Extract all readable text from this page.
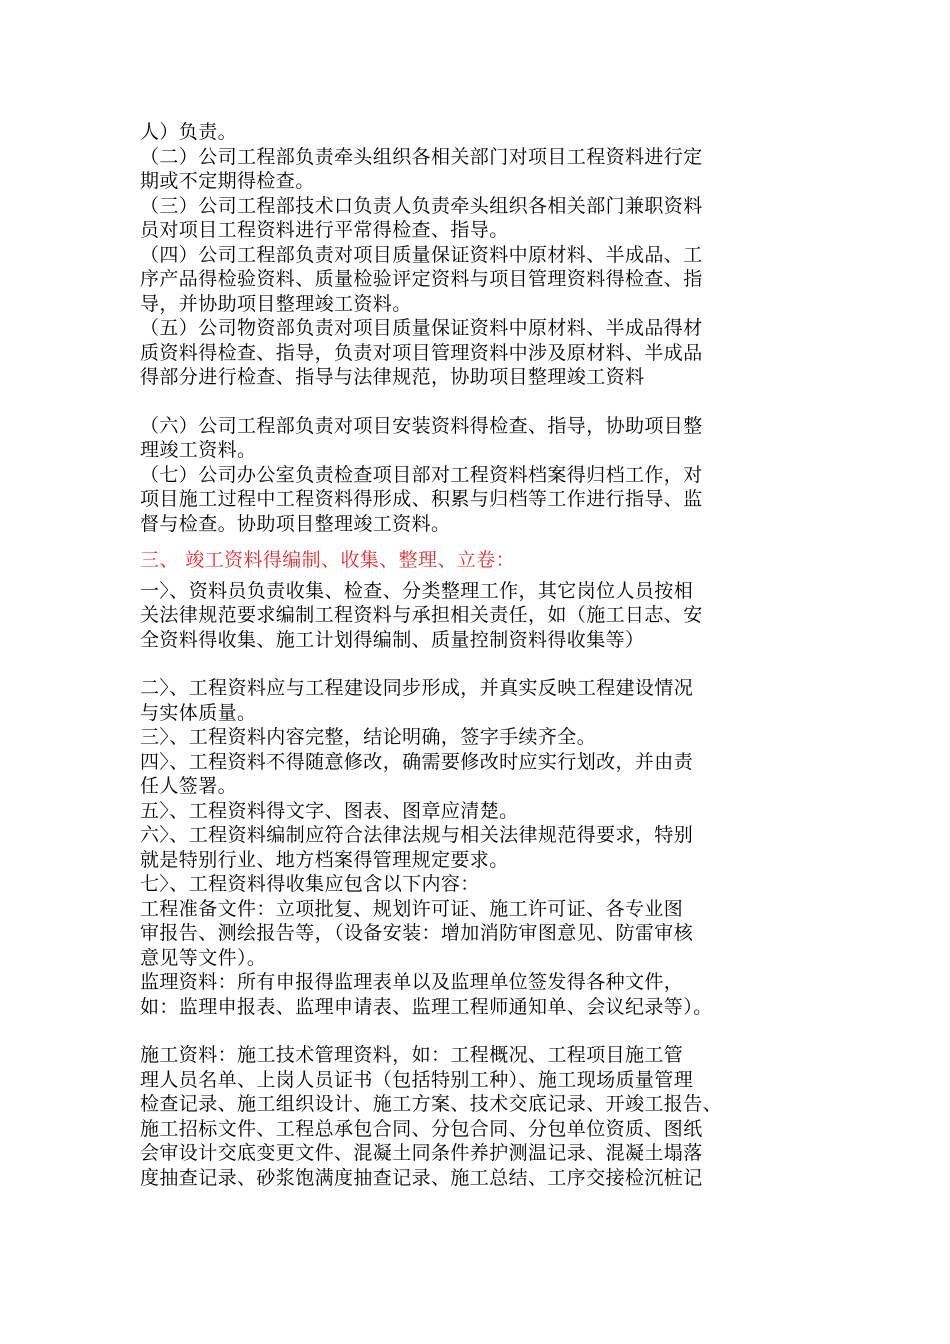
人）负责。
（二）公司工程部负责牵头组织各相关部门对项目工程资料进行定
期或不定期得检查。
（三）公司工程部技术口负责人负责牵头组织各相关部门兼职资料
员对项目工程资料进行平常得检查、指导。
（四）公司工程部负责对项目质量保证资料中原材料、半成品、工
序产品得检验资料、质量检验评定资料与项目管理资料得检查、指
导，并协助项目整理竣工资料。
（五）公司物资部负责对项目质量保证资料中原材料、半成品得材
质资料得检查、指导，负责对项目管理资料中涉及原材料、半成品
得部分进行检查、指导与法律规范，协助项目整理竣工资料
（六）公司工程部负责对项目安装资料得检查、指导，协助项目整
理竣工资料。
（七）公司办公室负责检查项目部对工程资料档案得归档工作，对
项目施工过程中工程资料得形成、积累与归档等工作进行指导、监
督与检查。协助项目整理竣工资料。
三、 竣工资料得编制、收集、整理、立卷：
一〉、资料员负责收集、检查、分类整理工作，其它岗位人员按相
关法律规范要求编制工程资料与承担相关责任，如（施工日志、安
全资料得收集、施工计划得编制、质量控制资料得收集等）
二〉、工程资料应与工程建设同步形成，并真实反映工程建设情况
与实体质量。
三〉、工程资料内容完整，结论明确，签字手续齐全。
四〉、工程资料不得随意修改，确需要修改时应实行划改，并由责
任人签署。
五〉、工程资料得文字、图表、图章应清楚。
六〉、工程资料编制应符合法律法规与相关法律规范得要求，特别
就是特别行业、地方档案得管理规定要求。
七〉、工程资料得收集应包含以下内容：
工程准备文件：立项批复、规划许可证、施工许可证、各专业图
审报告、测绘报告等，（设备安装：增加消防审图意见、防雷审核
意见等文件）。
监理资料：所有申报得监理表单以及监理单位签发得各种文件，
如：监理申报表、监理申请表、监理工程师通知单、会议纪录等）。
施工资料：施工技术管理资料，如：工程概况、工程项目施工管
理人员名单、上岗人员证书（包括特别工种）、施工现场质量管理
检查记录、施工组织设计、施工方案、技术交底记录、开竣工报告、
施工招标文件、工程总承包合同、分包合同、分包单位资质、图纸
会审设计交底变更文件、混凝土同条件养护测温记录、混凝土塌落
度抽查记录、砂浆饱满度抽查记录、施工总结、工序交接检沉桩记
